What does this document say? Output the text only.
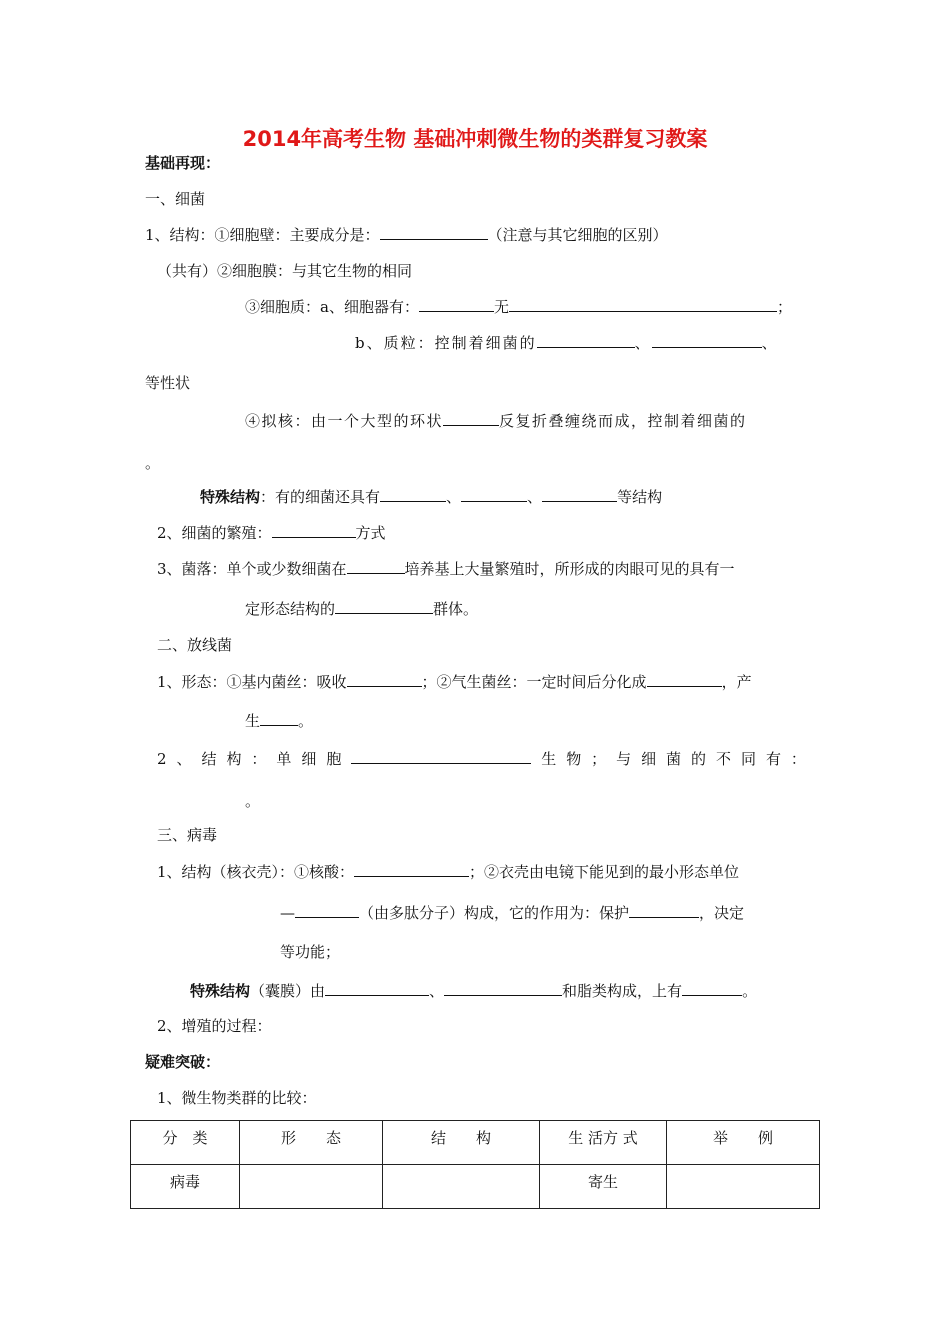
2014年高考生物 基础冲刺微生物的类群复习教案
基础再现：
一、细菌
1、结构：①细胞壁：主要成分是：	（注意与其它细胞的区别）
（共有）②细胞膜：与其它生物的相同
③细胞质：a、细胞器有：	无	；
b、质粒：控制着细菌的	、	、
等性状
④拟核：由一个大型的环状	反复折叠缠绕而成，控制着细菌的
。
特殊结构：有的细菌还具有	、	、	等结构
2、细菌的繁殖：	方式
3、菌落：单个或少数细菌在	培养基上大量繁殖时，所形成的肉眼可见的具有一
定形态结构的	群体。
二、放线菌
1、形态：①基内菌丝：吸收	；②气生菌丝：一定时间后分化成	，产
生	。
2 、 结 构 ： 单 细 胞	生 物 ； 与 细 菌 的 不 同 有 ：
。
三、病毒
1、结构（核衣壳）：①核酸：	；②衣壳由电镜下能见到的最小形态单位
—	（由多肽分子）构成，它的作用为：保护	，决定
等功能；
特殊结构（囊膜）由	、	和脂类构成，上有	。
2、增殖的过程：
疑难突破：
1、微生物类群的比较：
分　类	形　　态	结　　构	生 活方 式	举　　例
病毒			寄生	
